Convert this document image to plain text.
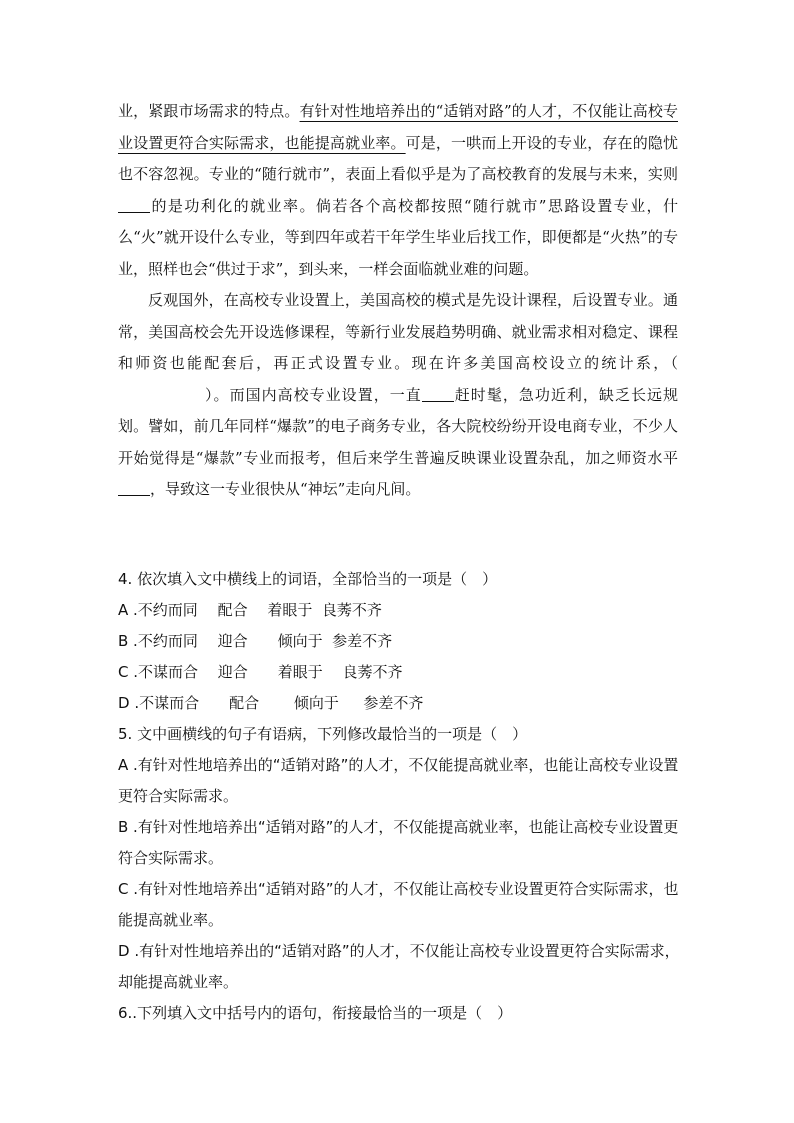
业，紧跟市场需求的特点。有针对性地培养出的“适销对路”的人才，不仅能让高校专业设置更符合实际需求，也能提高就业率。可是，一哄而上开设的专业，存在的隐忧也不容忽视。专业的“随行就市”，表面上看似乎是为了高校教育的发展与未来，实则的是功利化的就业率。倘若各个高校都按照“随行就市”思路设置专业，什么“火”就开设什么专业，等到四年或若干年学生毕业后找工作，即便都是“火热”的专业，照样也会“供过于求”，到头来，一样会面临就业难的问题。

反观国外，在高校专业设置上，美国高校的模式是先设计课程，后设置专业。通常，美国高校会先开设选修课程，等新行业发展趋势明确、就业需求相对稳定、课程和师资也能配套后，再正式设置专业。现在许多美国高校设立的统计系，（）。而国内高校专业设置，一直 赶时髦，急功近利，缺乏长远规划。譬如，前几年同样“爆款”的电子商务专业，各大院校纷纷开设电商专业，不少人开始觉得是“爆款”专业而报考，但后来学生普遍反映课业设置杂乱，加之师资水平，导致这一专业很快从“神坛”走向凡间。

4. 依次填入文中横线上的词语，全部恰当的一项是（　）

A .不约而同　 配合　 着眼于  良莠不齐

B .不约而同　 迎合　　倾向于  参差不齐

C .不谋而合　 迎合　　着眼于　 良莠不齐

D .不谋而合　　配合　　 倾向于　  参差不齐

5. 文中画横线的句子有语病，下列修改最恰当的一项是（　）

A .有针对性地培养出的“适销对路”的人才，不仅能提高就业率，也能让高校专业设置更符合实际需求。

B .有针对性地培养出“适销对路”的人才，不仅能提高就业率，也能让高校专业设置更符合实际需求。

C .有针对性地培养出“适销对路”的人才，不仅能让高校专业设置更符合实际需求，也能提高就业率。

D .有针对性地培养出的“适销对路”的人才，不仅能让高校专业设置更符合实际需求，却能提高就业率。

6..下列填入文中括号内的语句，衔接最恰当的一项是（　）
